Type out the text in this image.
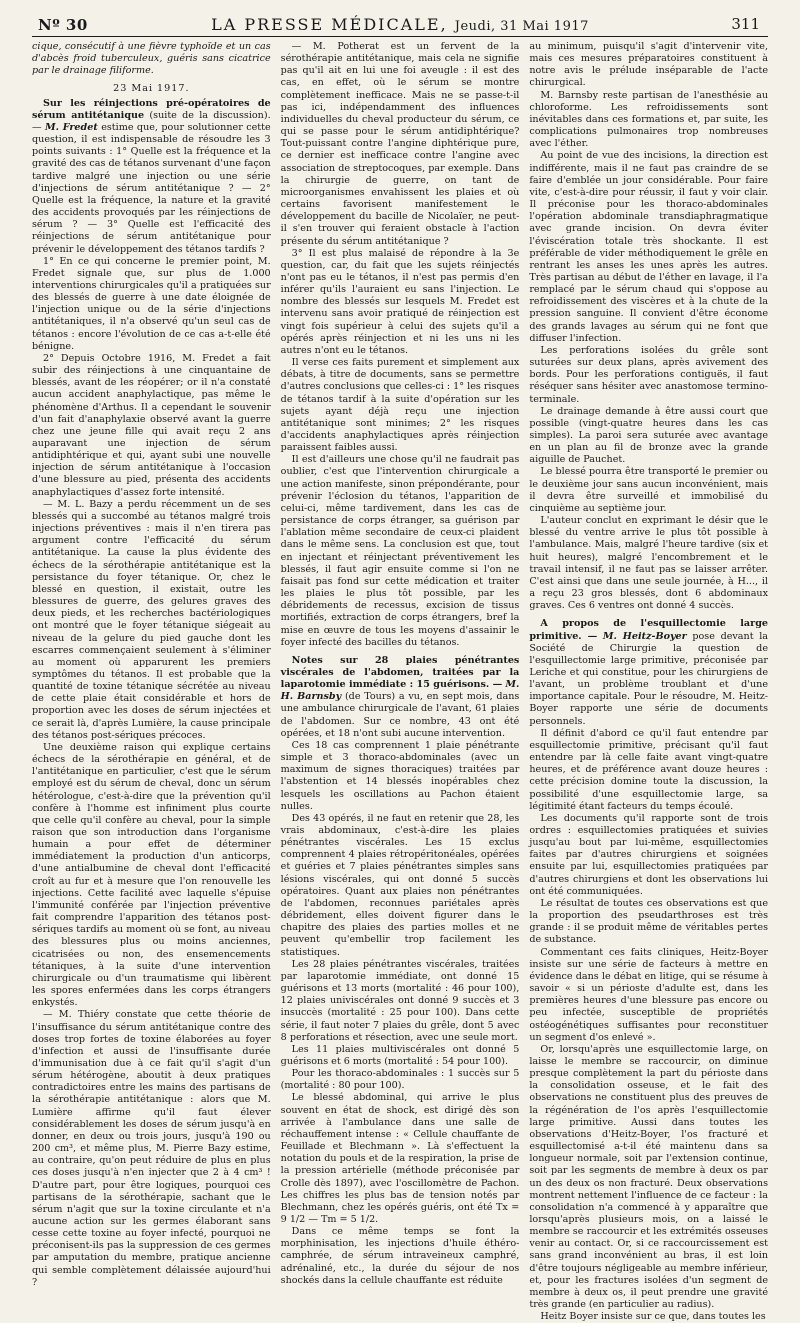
Nº 30	LA PRESSE MÉDICALE, Jeudi, 31 Mai 1917	311

cique, consécutif à une fièvre typhoïde et un cas d'abcès froid tuberculeux, guéris sans cicatrice par le drainage filiforme.

23 Mai 1917.

Sur les réinjections pré-opératoires de sérum antitétanique (suite de la discussion). — M. Fredet estime que, pour solutionner cette question, il est indispensable de résoudre les 3 points suivants : 1° Quelle est la fréquence et la gravité des cas de tétanos survenant d'une façon tardive malgré une injection ou une série d'injections de sérum antitétanique ? — 2° Quelle est la fréquence, la nature et la gravité des accidents provoqués par les réinjections de sérum ? — 3° Quelle est l'efficacité des réinjections de sérum antitétanique pour prévenir le développement des tétanos tardifs ?

1° En ce qui concerne le premier point, M. Fredet signale que, sur plus de 1.000 interventions chirurgicales qu'il a pratiquées sur des blessés de guerre à une date éloignée de l'injection unique ou de la série d'injections antitétaniques, il n'a observé qu'un seul cas de tétanos : encore l'évolution de ce cas a-t-elle été bénigne.

2° Depuis Octobre 1916, M. Fredet a fait subir des réinjections à une cinquantaine de blessés, avant de les réopérer; or il n'a constaté aucun accident anaphylactique, pas même le phénomène d'Arthus. Il a cependant le souvenir d'un fait d'anaphylaxie observé avant la guerre chez une jeune fille qui avait reçu 2 ans auparavant une injection de sérum antidiphtérique et qui, ayant subi une nouvelle injection de sérum antitétanique à l'occasion d'une blessure au pied, présenta des accidents anaphylactiques d'assez forte intensité.

— M. L. Bazy a perdu récemment un de ses blessés qui a succombé au tétanos malgré trois injections préventives : mais il n'en tirera pas argument contre l'efficacité du sérum antitétanique. La cause la plus évidente des échecs de la sérothérapie antitétanique est la persistance du foyer tétanique. Or, chez le blessé en question, il existait, outre les blessures de guerre, des gelures graves des deux pieds, et les recherches bactériologiques ont montré que le foyer tétanique siégeait au niveau de la gelure du pied gauche dont les escarres commençaient seulement à s'éliminer au moment où apparurent les premiers symptômes du tétanos. Il est probable que la quantité de toxine tétanique sécrétée au niveau de cette plaie était considérable et hors de proportion avec les doses de sérum injectées et ce serait là, d'après Lumière, la cause principale des tétanos post-sériques précoces.

Une deuxième raison qui explique certains échecs de la sérothérapie en général, et de l'antitétanique en particulier, c'est que le sérum employé est du sérum de cheval, donc un sérum hétérologue, c'est-à-dire que la prévention qu'il confère à l'homme est infiniment plus courte que celle qu'il confère au cheval, pour la simple raison que son introduction dans l'organisme humain a pour effet de déterminer immédiatement la production d'un anticorps, d'une antialbumine de cheval dont l'efficacité croît au fur et à mesure que l'on renouvelle les injections. Cette facilité avec laquelle s'épuise l'immunité conférée par l'injection préventive fait comprendre l'apparition des tétanos post-sériques tardifs au moment où se font, au niveau des blessures plus ou moins anciennes, cicatrisées ou non, des ensemencements tétaniques, à la suite d'une intervention chirurgicale ou d'un traumatisme qui libèrent les spores enfermées dans les corps étrangers enkystés.

— M. Thiéry constate que cette théorie de l'insuffisance du sérum antitétanique contre des doses trop fortes de toxine élaborées au foyer d'infection et aussi de l'insuffisante durée d'immunisation due à ce fait qu'il s'agit d'un sérum hétérogène, aboutit à deux pratiques contradictoires entre les mains des partisans de la sérothérapie antitétanique : alors que M. Lumière affirme qu'il faut élever considérablement les doses de sérum jusqu'à en donner, en deux ou trois jours, jusqu'à 190 ou 200 cm³, et même plus, M. Pierre Bazy estime, au contraire, qu'on peut réduire de plus en plus ces doses jusqu'à n'en injecter que 2 à 4 cm³ ! D'autre part, pour être logiques, pourquoi ces partisans de la sérothérapie, sachant que le sérum n'agit que sur la toxine circulante et n'a aucune action sur les germes élaborant sans cesse cette toxine au foyer infecté, pourquoi ne préconisent-ils pas la suppression de ces germes par amputation du membre, pratique ancienne qui semble complètement délaissée aujourd'hui ?

— M. Potherat est un fervent de la sérothérapie antitétanique, mais cela ne signifie pas qu'il ait en lui une foi aveugle : il est des cas, en effet, où le sérum se montre complètement inefficace. Mais ne se passe-t-il pas ici, indépendamment des influences individuelles du cheval producteur du sérum, ce qui se passe pour le sérum antidiphtérique? Tout-puissant contre l'angine diphtérique pure, ce dernier est inefficace contre l'angine avec association de streptocoques, par exemple. Dans la chirurgie de guerre, on tant de microorganismes envahissent les plaies et où certains favorisent manifestement le développement du bacille de Nicolaïer, ne peut-il s'en trouver qui feraient obstacle à l'action présente du sérum antitétanique ?

3° Il est plus malaisé de répondre à la 3e question, car, du fait que les sujets réinjectés n'ont pas eu le tétanos, il n'est pas permis d'en inférer qu'ils l'auraient eu sans l'injection. Le nombre des blessés sur lesquels M. Fredet est intervenu sans avoir pratiqué de réinjection est vingt fois supérieur à celui des sujets qu'il a opérés après réinjection et ni les uns ni les autres n'ont eu le tétanos.

Il verse ces faits purement et simplement aux débats, à titre de documents, sans se permettre d'autres conclusions que celles-ci : 1° les risques de tétanos tardif à la suite d'opération sur les sujets ayant déjà reçu une injection antitétanique sont minimes; 2° les risques d'accidents anaphylactiques après réinjection paraissent faibles aussi.

Il est d'ailleurs une chose qu'il ne faudrait pas oublier, c'est que l'intervention chirurgicale a une action manifeste, sinon prépondérante, pour prévenir l'éclosion du tétanos, l'apparition de celui-ci, même tardivement, dans les cas de persistance de corps étranger, sa guérison par l'ablation même secondaire de ceux-ci plaident dans le même sens. La conclusion est que, tout en injectant et réinjectant préventivement les blessés, il faut agir ensuite comme si l'on ne faisait pas fond sur cette médication et traiter les plaies le plus tôt possible, par les débridements de recessus, excision de tissus mortifiés, extraction de corps étrangers, bref la mise en œuvre de tous les moyens d'assainir le foyer infecté des bacilles du tétanos.

Notes sur 28 plaies pénétrantes viscérales de l'abdomen, traitées par la laparotomie immédiate : 15 guérisons. — M. H. Barnsby (de Tours) a vu, en sept mois, dans une ambulance chirurgicale de l'avant, 61 plaies de l'abdomen. Sur ce nombre, 43 ont été opérées, et 18 n'ont subi aucune intervention.

Ces 18 cas comprennent 1 plaie pénétrante simple et 3 thoraco-abdominales (avec un maximum de signes thoraciques) traitées par l'abstention et 14 blessés inopérables chez lesquels les oscillations au Pachon étaient nulles.

Des 43 opérés, il ne faut en retenir que 28, les vrais abdominaux, c'est-à-dire les plaies pénétrantes viscérales. Les 15 exclus comprennent 4 plaies rétropéritonéales, opérées et guéries et 7 plaies pénétrantes simples sans lésions viscérales, qui ont donné 5 succès opératoires. Quant aux plaies non pénétrantes de l'abdomen, reconnues pariétales après débridement, elles doivent figurer dans le chapitre des plaies des parties molles et ne peuvent qu'embellir trop facilement les statistiques.

Les 28 plaies pénétrantes viscérales, traitées par laparotomie immédiate, ont donné 15 guérisons et 13 morts (mortalité : 46 pour 100), 12 plaies univiscérales ont donné 9 succès et 3 insuccès (mortalité : 25 pour 100). Dans cette série, il faut noter 7 plaies du grêle, dont 5 avec 8 perforations et résection, avec une seule mort.

Les 11 plaies multiviscérales ont donné 5 guérisons et 6 morts (mortalité : 54 pour 100).

Pour les thoraco-abdominales : 1 succès sur 5 (mortalité : 80 pour 100).

Le blessé abdominal, qui arrive le plus souvent en état de shock, est dirigé dès son arrivée à l'ambulance dans une salle de réchauffement intense : « Cellule chauffante de Feuillade et Blechmann ». Là s'effectuent la notation du pouls et de la respiration, la prise de la pression artérielle (méthode préconisée par Crolle dès 1897), avec l'oscillomètre de Pachon. Les chiffres les plus bas de tension notés par Blechmann, chez les opérés guéris, ont été Tx = 9 1/2 — Tm = 5 1/2.

Dans ce même temps se font la morphinisation, les injections d'huile éthéro-camphrée, de sérum intraveineux camphré, adrénaliné, etc., la durée du séjour de nos shockés dans la cellule chauffante est réduite

au minimum, puisqu'il s'agit d'intervenir vite, mais ces mesures préparatoires constituent à notre avis le prélude inséparable de l'acte chirurgical.

M. Barnsby reste partisan de l'anesthésie au chloroforme. Les refroidissements sont inévitables dans ces formations et, par suite, les complications pulmonaires trop nombreuses avec l'éther.

Au point de vue des incisions, la direction est indifférente, mais il ne faut pas craindre de se faire d'emblée un jour considérable. Pour faire vite, c'est-à-dire pour réussir, il faut y voir clair. Il préconise pour les thoraco-abdominales l'opération abdominale transdiaphragmatique avec grande incision. On devra éviter l'éviscération totale très shockante. Il est préférable de vider méthodiquement le grêle en rentrant les anses les unes après les autres. Très partisan au début de l'éther en lavage, il l'a remplacé par le sérum chaud qui s'oppose au refroidissement des viscères et à la chute de la pression sanguine. Il convient d'être économe des grands lavages au sérum qui ne font que diffuser l'infection.

Les perforations isolées du grêle sont suturées sur deux plans, après avivement des bords. Pour les perforations contiguës, il faut réséquer sans hésiter avec anastomose termino-terminale.

Le drainage demande à être aussi court que possible (vingt-quatre heures dans les cas simples). La paroi sera suturée avec avantage en un plan au fil de bronze avec la grande aiguille de Pauchet.

Le blessé pourra être transporté le premier ou le deuxième jour sans aucun inconvénient, mais il devra être surveillé et immobilisé du cinquième au septième jour.

L'auteur conclut en exprimant le désir que le blessé du ventre arrive le plus tôt possible à l'ambulance. Mais, malgré l'heure tardive (six et huit heures), malgré l'encombrement et le travail intensif, il ne faut pas se laisser arrêter. C'est ainsi que dans une seule journée, à H..., il a reçu 23 gros blessés, dont 6 abdominaux graves. Ces 6 ventres ont donné 4 succès.

A propos de l'esquillectomie large primitive. — M. Heitz-Boyer pose devant la Société de Chirurgie la question de l'esquillectomie large primitive, préconisée par Leriche et qui constitue, pour les chirurgiens de l'avant, un problème troublant et d'une importance capitale. Pour le résoudre, M. Heitz-Boyer rapporte une série de documents personnels.

Il définit d'abord ce qu'il faut entendre par esquillectomie primitive, précisant qu'il faut entendre par là celle faite avant vingt-quatre heures, et de préférence avant douze heures : cette précision domine toute la discussion, la possibilité d'une esquillectomie large, sa légitimité étant facteurs du temps écoulé.

Les documents qu'il rapporte sont de trois ordres : esquillectomies pratiquées et suivies jusqu'au bout par lui-même, esquillectomies faites par d'autres chirurgiens et soignées ensuite par lui, esquillectomies pratiquées par d'autres chirurgiens et dont les observations lui ont été communiquées.

Le résultat de toutes ces observations est que la proportion des pseudarthroses est très grande : il se produit même de véritables pertes de substance.

Commentant ces faits cliniques, Heitz-Boyer insiste sur une série de facteurs à mettre en évidence dans le débat en litige, qui se résume à savoir « si un périoste d'adulte est, dans les premières heures d'une blessure pas encore ou peu infectée, susceptible de propriétés ostéogénétiques suffisantes pour reconstituer un segment d'os enlevé ».

Or, lorsqu'après une esquillectomie large, on laisse le membre se raccourcir, on diminue presque complètement la part du périoste dans la consolidation osseuse, et le fait des observations ne constituent plus des preuves de la régénération de l'os après l'esquillectomie large primitive. Aussi dans toutes les observations d'Heitz-Boyer, l'os fracturé et esquillectomisé a-t-il été maintenu dans sa longueur normale, soit par l'extension continue, soit par les segments de membre à deux os par un des deux os non fracturé. Deux observations montrent nettement l'influence de ce facteur : la consolidation n'a commencé à y apparaître que lorsqu'après plusieurs mois, on a laissé le membre se raccourcir et les extrémités osseuses venir au contact. Or, si ce raccourcissement est sans grand inconvénient au bras, il est loin d'être toujours négligeable au membre inférieur, et, pour les fractures isolées d'un segment de membre à deux os, il peut prendre une gravité très grande (en particulier au radius).

Heitz Boyer insiste sur ce que, dans toutes les
